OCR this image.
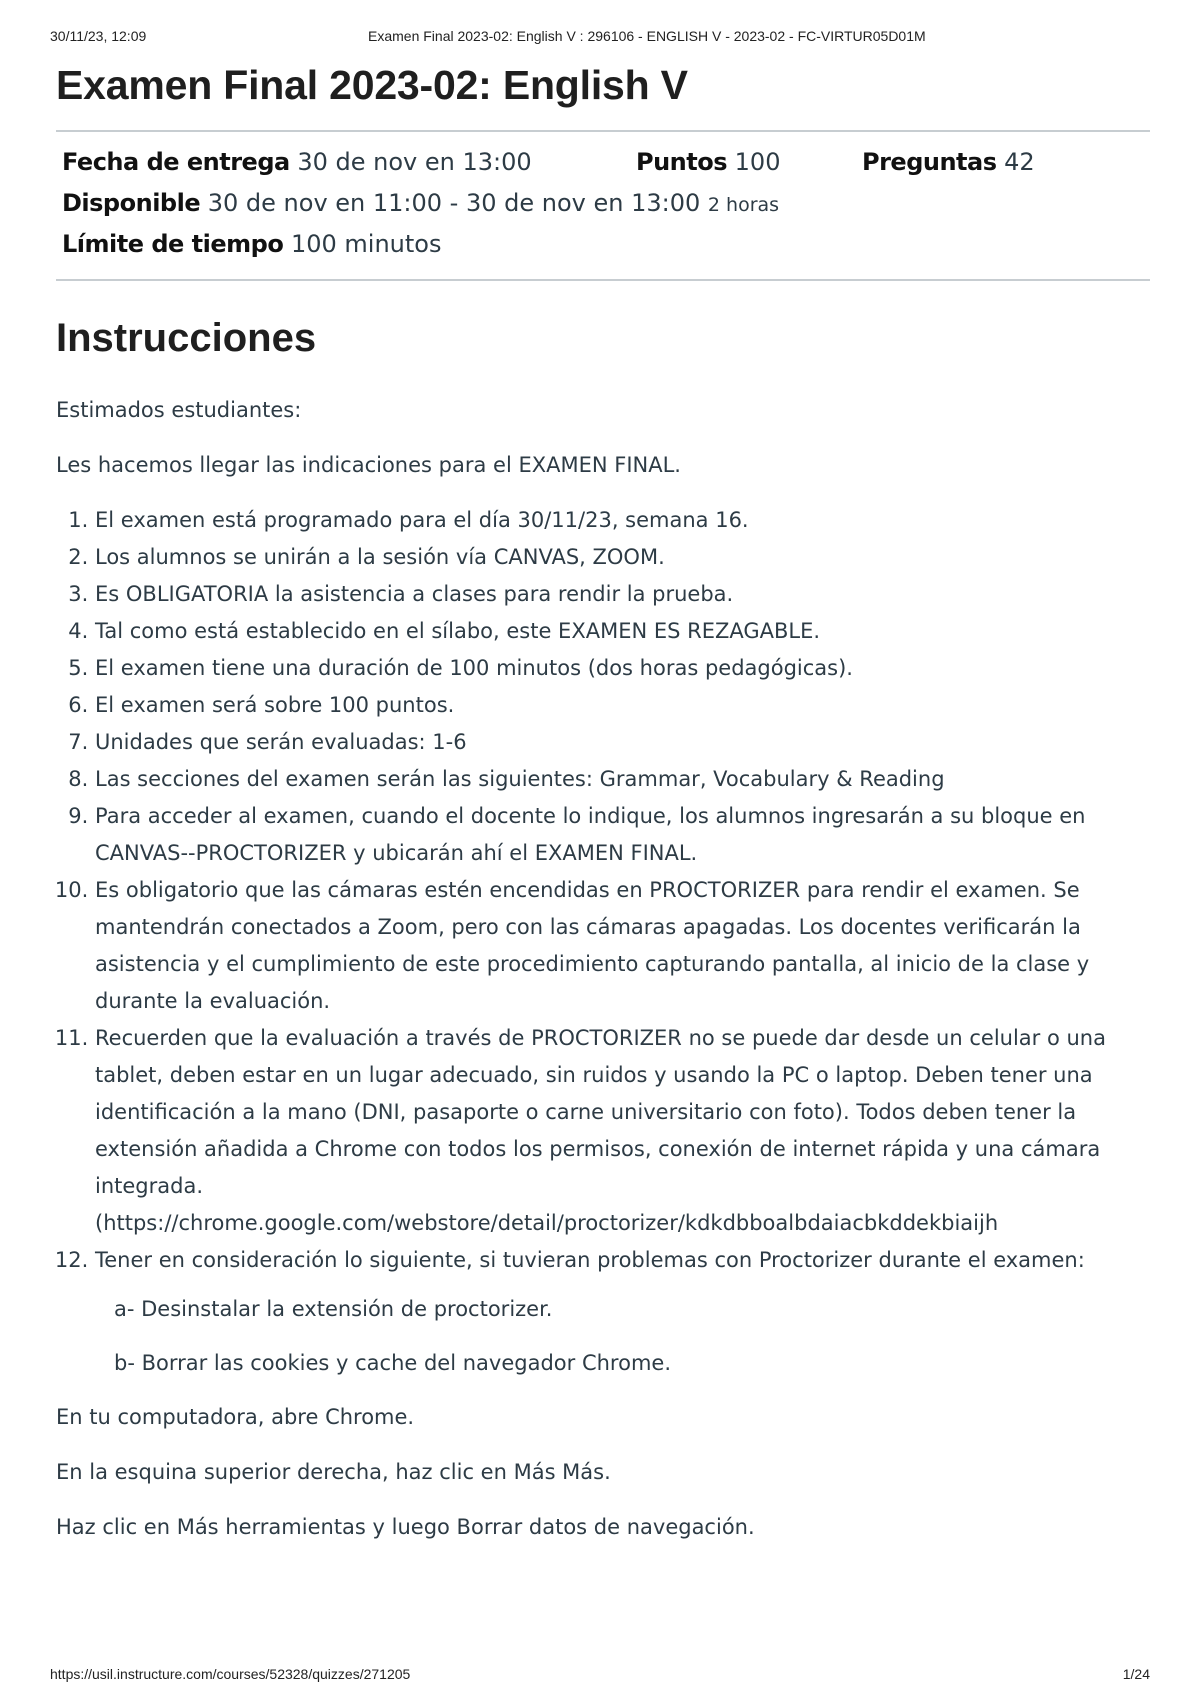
30/11/23, 12:09	Examen Final 2023-02: English V : 296106 - ENGLISH V - 2023-02 - FC-VIRTUR05D01M
Examen Final 2023-02: English V
Fecha de entrega 30 de nov en 13:00	Puntos 100	Preguntas 42
Disponible 30 de nov en 11:00 - 30 de nov en 13:00 2 horas
Límite de tiempo 100 minutos
Instrucciones

Estimados estudiantes:

Les hacemos llegar las indicaciones para el EXAMEN FINAL.

1. El examen está programado para el día 30/11/23, semana 16.
2. Los alumnos se unirán a la sesión vía CANVAS, ZOOM.
3. Es OBLIGATORIA la asistencia a clases para rendir la prueba.
4. Tal como está establecido en el sílabo, este EXAMEN ES REZAGABLE.
5. El examen tiene una duración de 100 minutos (dos horas pedagógicas).
6. El examen será sobre 100 puntos.
7. Unidades que serán evaluadas: 1-6
8. Las secciones del examen serán las siguientes: Grammar, Vocabulary & Reading
9. Para acceder al examen, cuando el docente lo indique, los alumnos ingresarán a su bloque en CANVAS--PROCTORIZER y ubicarán ahí el EXAMEN FINAL.
10. Es obligatorio que las cámaras estén encendidas en PROCTORIZER para rendir el examen. Se mantendrán conectados a Zoom, pero con las cámaras apagadas. Los docentes verificarán la asistencia y el cumplimiento de este procedimiento capturando pantalla, al inicio de la clase y durante la evaluación.
11. Recuerden que la evaluación a través de PROCTORIZER no se puede dar desde un celular o una tablet, deben estar en un lugar adecuado, sin ruidos y usando la PC o laptop. Deben tener una identificación a la mano (DNI, pasaporte o carne universitario con foto). Todos deben tener la extensión añadida a Chrome con todos los permisos, conexión de internet rápida y una cámara integrada.
(https://chrome.google.com/webstore/detail/proctorizer/kdkdbboalbdaiacbkddekbiaijh
12. Tener en consideración lo siguiente, si tuvieran problemas con Proctorizer durante el examen:

a- Desinstalar la extensión de proctorizer.

b- Borrar las cookies y cache del navegador Chrome.

En tu computadora, abre Chrome.

En la esquina superior derecha, haz clic en Más Más.

Haz clic en Más herramientas y luego Borrar datos de navegación.

https://usil.instructure.com/courses/52328/quizzes/271205	1/24
